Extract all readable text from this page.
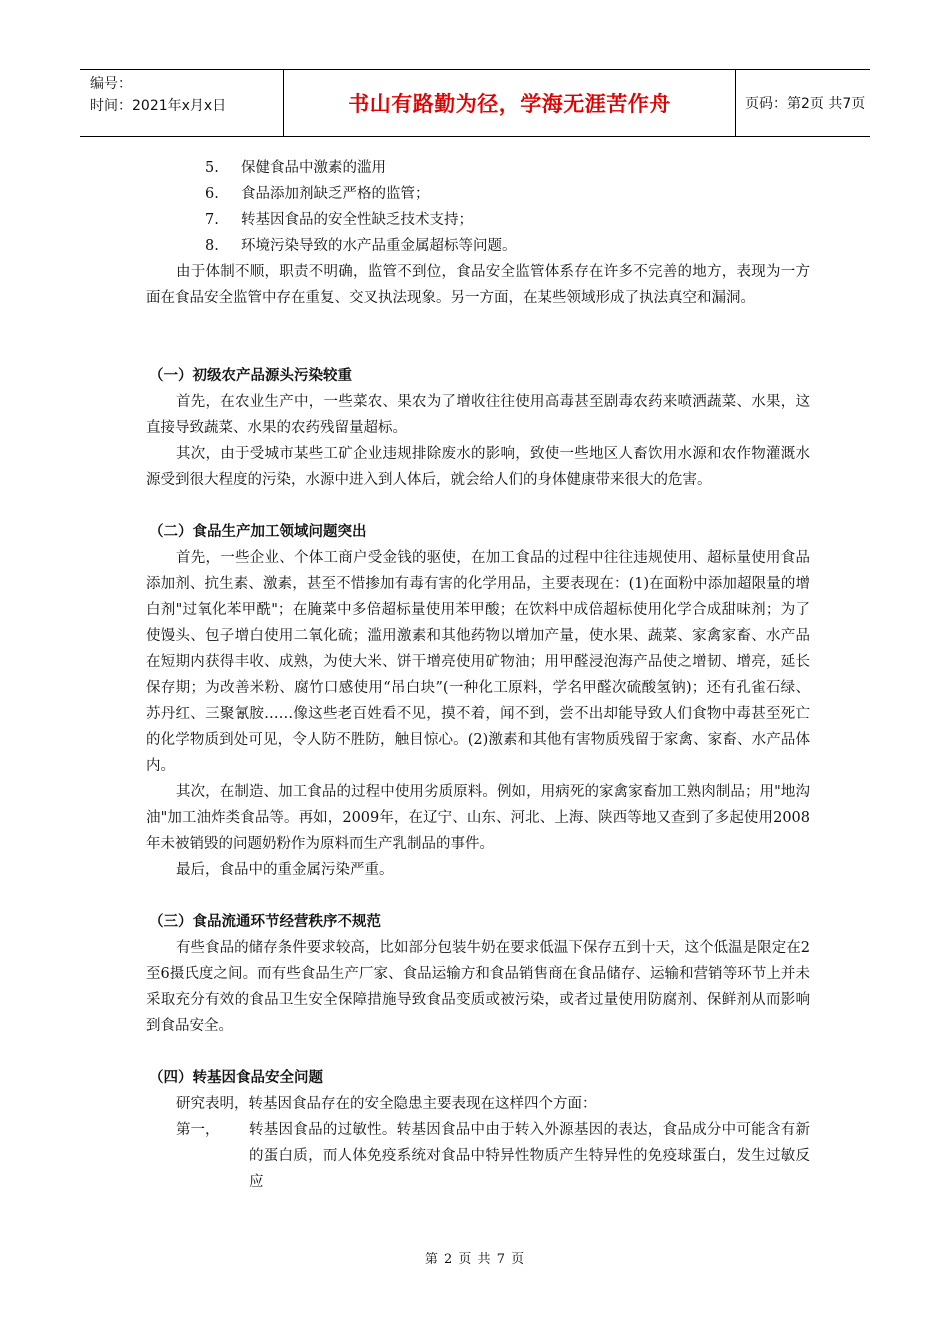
编号：
时间：2021年x月x日	书山有路勤为径，学海无涯苦作舟	页码：第2页 共7页
5. 保健食品中激素的滥用
6. 食品添加剂缺乏严格的监管；
7. 转基因食品的安全性缺乏技术支持；
8. 环境污染导致的水产品重金属超标等问题。
由于体制不顺，职责不明确，监管不到位，食品安全监管体系存在许多不完善的地方，表现为一方面在食品安全监管中存在重复、交叉执法现象。另一方面，在某些领域形成了执法真空和漏洞。
（一）初级农产品源头污染较重
首先，在农业生产中，一些菜农、果农为了增收往往使用高毒甚至剧毒农药来喷洒蔬菜、水果，这直接导致蔬菜、水果的农药残留量超标。
其次，由于受城市某些工矿企业违规排除废水的影响，致使一些地区人畜饮用水源和农作物灌溉水源受到很大程度的污染，水源中进入到人体后，就会给人们的身体健康带来很大的危害。
（二）食品生产加工领域问题突出
首先，一些企业、个体工商户受金钱的驱使，在加工食品的过程中往往违规使用、超标量使用食品添加剂、抗生素、激素，甚至不惜掺加有毒有害的化学用品，主要表现在：(1)在面粉中添加超限量的增白剂"过氧化苯甲酰"；在腌菜中多倍超标量使用苯甲酸；在饮料中成倍超标使用化学合成甜味剂；为了使馒头、包子增白使用二氧化硫；滥用激素和其他药物以增加产量，使水果、蔬菜、家禽家畜、水产品在短期内获得丰收、成熟，为使大米、饼干增亮使用矿物油；用甲醛浸泡海产品使之增韧、增亮，延长保存期；为改善米粉、腐竹口感使用“吊白块”(一种化工原料，学名甲醛次硫酸氢钠)；还有孔雀石绿、苏丹红、三聚氰胺……像这些老百姓看不见，摸不着，闻不到，尝不出却能导致人们食物中毒甚至死亡的化学物质到处可见，令人防不胜防，触目惊心。(2)激素和其他有害物质残留于家禽、家畜、水产品体内。
其次，在制造、加工食品的过程中使用劣质原料。例如，用病死的家禽家畜加工熟肉制品；用"地沟油"加工油炸类食品等。再如，2009年，在辽宁、山东、河北、上海、陕西等地又查到了多起使用2008年未被销毁的问题奶粉作为原料而生产乳制品的事件。
最后，食品中的重金属污染严重。
（三）食品流通环节经营秩序不规范
有些食品的储存条件要求较高，比如部分包装牛奶在要求低温下保存五到十天，这个低温是限定在2至6摄氏度之间。而有些食品生产厂家、食品运输方和食品销售商在食品储存、运输和营销等环节上并未采取充分有效的食品卫生安全保障措施导致食品变质或被污染，或者过量使用防腐剂、保鲜剂从而影响到食品安全。
（四）转基因食品安全问题
研究表明，转基因食品存在的安全隐患主要表现在这样四个方面：
第一，	转基因食品的过敏性。转基因食品中由于转入外源基因的表达，食品成分中可能含有新的蛋白质，而人体免疫系统对食品中特异性物质产生特异性的免疫球蛋白，发生过敏反应
第 2 页 共 7 页
